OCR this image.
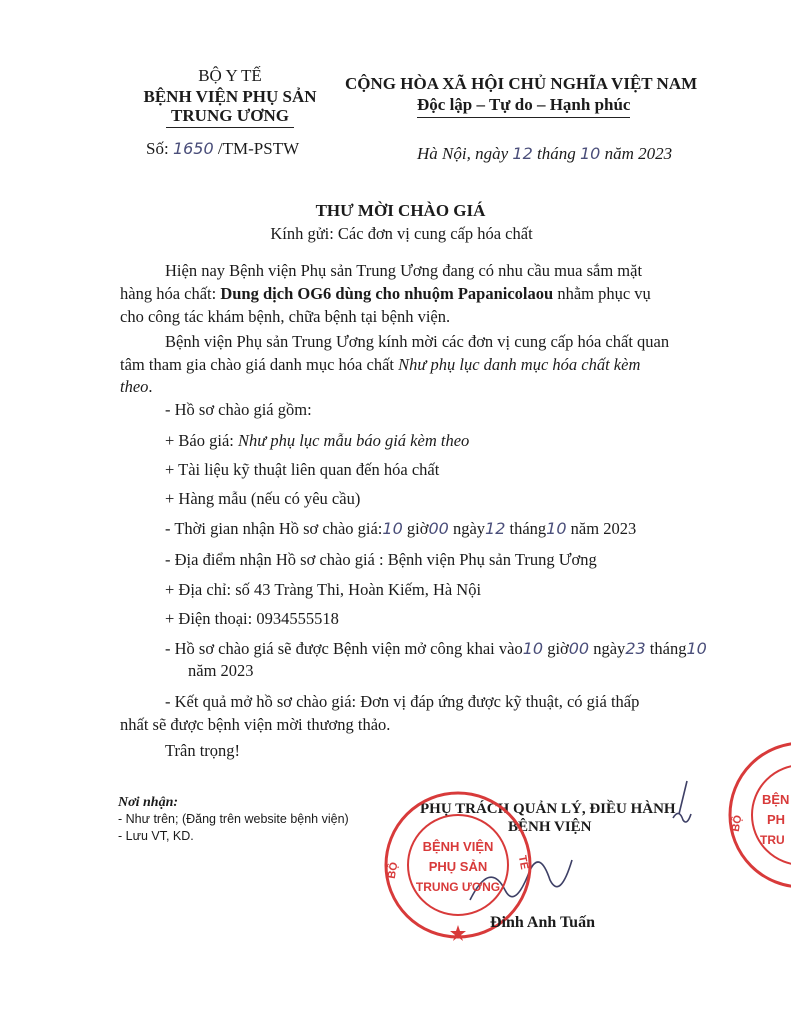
BỘ Y TẾ
BỆNH VIỆN PHỤ SẢN
TRUNG ƯƠNG
Số: 1650 /TM-PSTW
CỘNG HÒA XÃ HỘI CHỦ NGHĨA VIỆT NAM
Độc lập – Tự do – Hạnh phúc
Hà Nội, ngày 12 tháng 10 năm 2023
THƯ MỜI CHÀO GIÁ
Kính gửi: Các đơn vị cung cấp hóa chất
Hiện nay Bệnh viện Phụ sản Trung Ương đang có nhu cầu mua sắm mặt
hàng hóa chất: Dung dịch OG6 dùng cho nhuộm Papanicolaou nhằm phục vụ
cho công tác khám bệnh, chữa bệnh tại bệnh viện.
Bệnh viện Phụ sản Trung Ương kính mời các đơn vị cung cấp hóa chất quan
tâm tham gia chào giá danh mục hóa chất Như phụ lục danh mục hóa chất kèm
theo.
- Hồ sơ chào giá gồm:
+ Báo giá: Như phụ lục mẫu báo giá kèm theo
+ Tài liệu kỹ thuật liên quan đến hóa chất
+ Hàng mẫu (nếu có yêu cầu)
- Thời gian nhận Hồ sơ chào giá:10 giờ00 ngày12 tháng10 năm 2023
- Địa điểm nhận Hồ sơ chào giá : Bệnh viện Phụ sản Trung Ương
+ Địa chỉ: số 43 Tràng Thi, Hoàn Kiếm, Hà Nội
+ Điện thoại: 0934555518
- Hồ sơ chào giá sẽ được Bệnh viện mở công khai vào10 giờ00 ngày23 tháng10
năm 2023
- Kết quả mở hồ sơ chào giá: Đơn vị đáp ứng được kỹ thuật, có giá thấp
nhất sẽ được bệnh viện mời thương thảo.
Trân trọng!
Nơi nhận:
- Như trên; (Đăng trên website bệnh viện)
- Lưu VT, KD.
PHỤ TRÁCH QUẢN LÝ, ĐIỀU HÀNH
BỆNH VIỆN
BỆNH VIỆN
PHỤ SẢN
TRUNG ƯƠNG
BỘ	TẾ
Đinh Anh Tuấn
BỆN
PH
TRU
BỘ
